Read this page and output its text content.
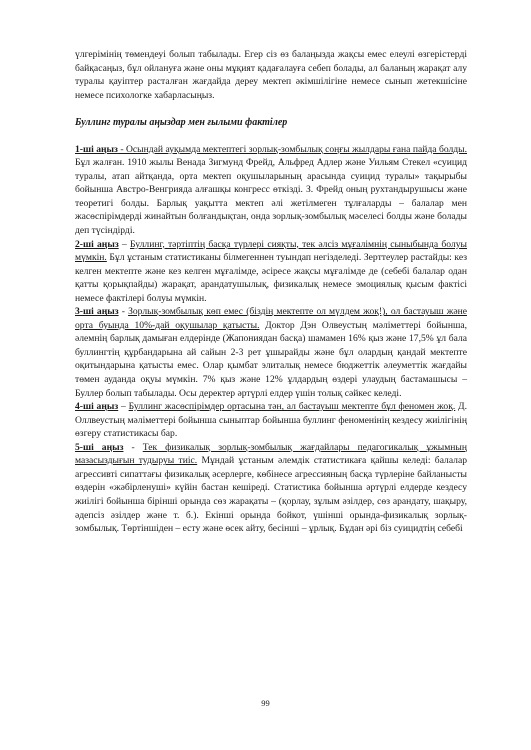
үлгерімінің төмендеуі болып табылады. Егер сіз өз балаңызда жақсы емес елеулі өзгерістерді байқасаңыз, бұл ойлануға және оны мұқият қадағалауға себеп болады, ал баланың жарақат алу туралы қауіптер расталған жағдайда дереу мектеп әкімшілігіне немесе сынып жетекшісіне немесе психологке хабарласыңыз.

Буллинг туралы аңыздар мен ғылыми фактілер

1-ші аңыз - Осындай ауқымда мектептегі зорлық-зомбылық соңғы жылдары ғана пайда болды. Бұл жалған. 1910 жылы Венада Зигмунд Фрейд, Альфред Адлер және Уильям Стекел «суицид туралы, атап айтқанда, орта мектеп оқушыларының арасында суицид туралы» тақырыбы бойынша Австро-Венгрияда алғашқы конгресс өткізді. З. Фрейд оның рухтандырушысы және теоретигі болды. Барлық уақытта мектеп әлі жетілмеген тұлғаларды – балалар мен жасөспірімдерді жинайтын болғандықтан, онда зорлық-зомбылық мәселесі болды және болады деп түсіндірді.

2-ші аңыз – Буллинг, тәртіптің басқа түрлері сияқты, тек әлсіз мұғалімнің сыныбында болуы мүмкін. Бұл ұстаным статистиканы білмегеннен туындап негізделеді. Зерттеулер растайды: кез келген мектепте және кез келген мұғалімде, әсіресе жақсы мұғалімде де (себебі балалар одан қатты қорықпайды) жарақат, арандатушылық, физикалық немесе эмоциялық қысым фактісі немесе фактілері болуы мүмкін.

3-ші аңыз - Зорлық-зомбылық көп емес (біздің мектепте ол мүлдем жоқ!), ол бастауыш және орта буында 10%-дай оқушылар қатысты. Доктор Дэн Олвеустың мәліметтері бойынша, әлемнің барлық дамыған елдерінде (Жапониядан басқа) шамамен 16% қыз және 17,5% ұл бала буллингтің құрбандарына ай сайын 2-3 рет ұшырайды және бұл олардың қандай мектепте оқитындарына қатысты емес. Олар қымбат элиталық немесе бюджеттік әлеуметтік жағдайы төмен ауданда оқуы мүмкін. 7% қыз және 12% ұлдардың өздері улаудың бастамашысы – Буллер болып табылады. Осы деректер әртүрлі елдер үшін толық сәйкес келеді.

4-ші аңыз – Буллинг жасөспірімдер ортасына тән, ал бастауыш мектепте бұл феномен жоқ. Д. Оллвеустың мәліметтері бойынша сыныптар бойынша буллинг феноменінің кездесу жиілігінің өзгеру статистикасы бар.

5-ші аңыз - Тек физикалық зорлық-зомбылық жағдайлары педагогикалық ұжымның мазасыздығын тудыруы тиіс. Мұндай ұстаным әлемдік статистикаға қайшы келеді: балалар агрессивті сипаттағы физикалық әсерлерге, көбінесе агрессияның басқа түрлеріне байланысты өздерін «жәбірленуші» күйін бастан кешіреді. Статистика бойынша әртүрлі елдерде кездесу жиілігі бойынша бірінші орында сөз жарақаты – (қорлау, зұлым әзілдер, сөз арандату, шақыру, әдепсіз әзілдер және т. б.). Екінші орында бойкот, үшінші орында-физикалық зорлық-зомбылық. Төртіншіден – есту және өсек айту, бесінші – ұрлық. Бұдан әрі біз суицидтің себебі

99
